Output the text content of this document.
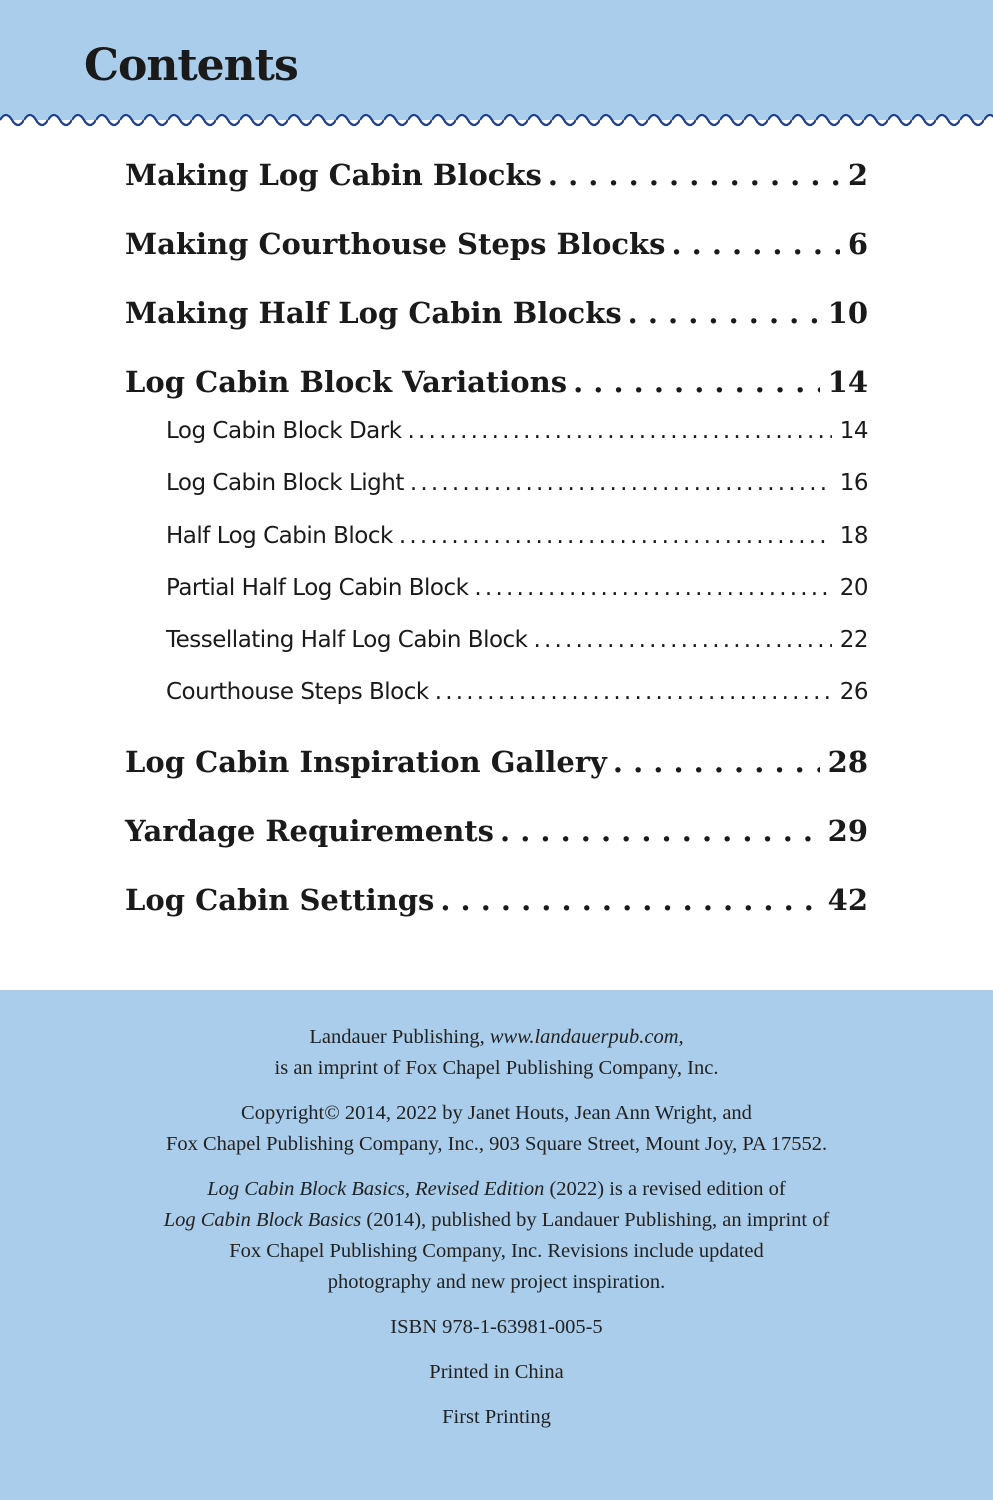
Contents
Making Log Cabin Blocks . . .	2
Making Courthouse Steps Blocks . . .	6
Making Half Log Cabin Blocks . . .	10
Log Cabin Block Variations . . .	14
Log Cabin Block Dark .....	14
Log Cabin Block Light .....	16
Half Log Cabin Block .....	18
Partial Half Log Cabin Block .....	20
Tessellating Half Log Cabin Block .....	22
Courthouse Steps Block .....	26
Log Cabin Inspiration Gallery . . .	28
Yardage Requirements . . .	29
Log Cabin Settings . . .	42

Landauer Publishing, www.landauerpub.com,
is an imprint of Fox Chapel Publishing Company, Inc.

Copyright© 2014, 2022 by Janet Houts, Jean Ann Wright, and
Fox Chapel Publishing Company, Inc., 903 Square Street, Mount Joy, PA 17552.

Log Cabin Block Basics, Revised Edition (2022) is a revised edition of
Log Cabin Block Basics (2014), published by Landauer Publishing, an imprint of
Fox Chapel Publishing Company, Inc. Revisions include updated
photography and new project inspiration.

ISBN 978-1-63981-005-5

Printed in China

First Printing
